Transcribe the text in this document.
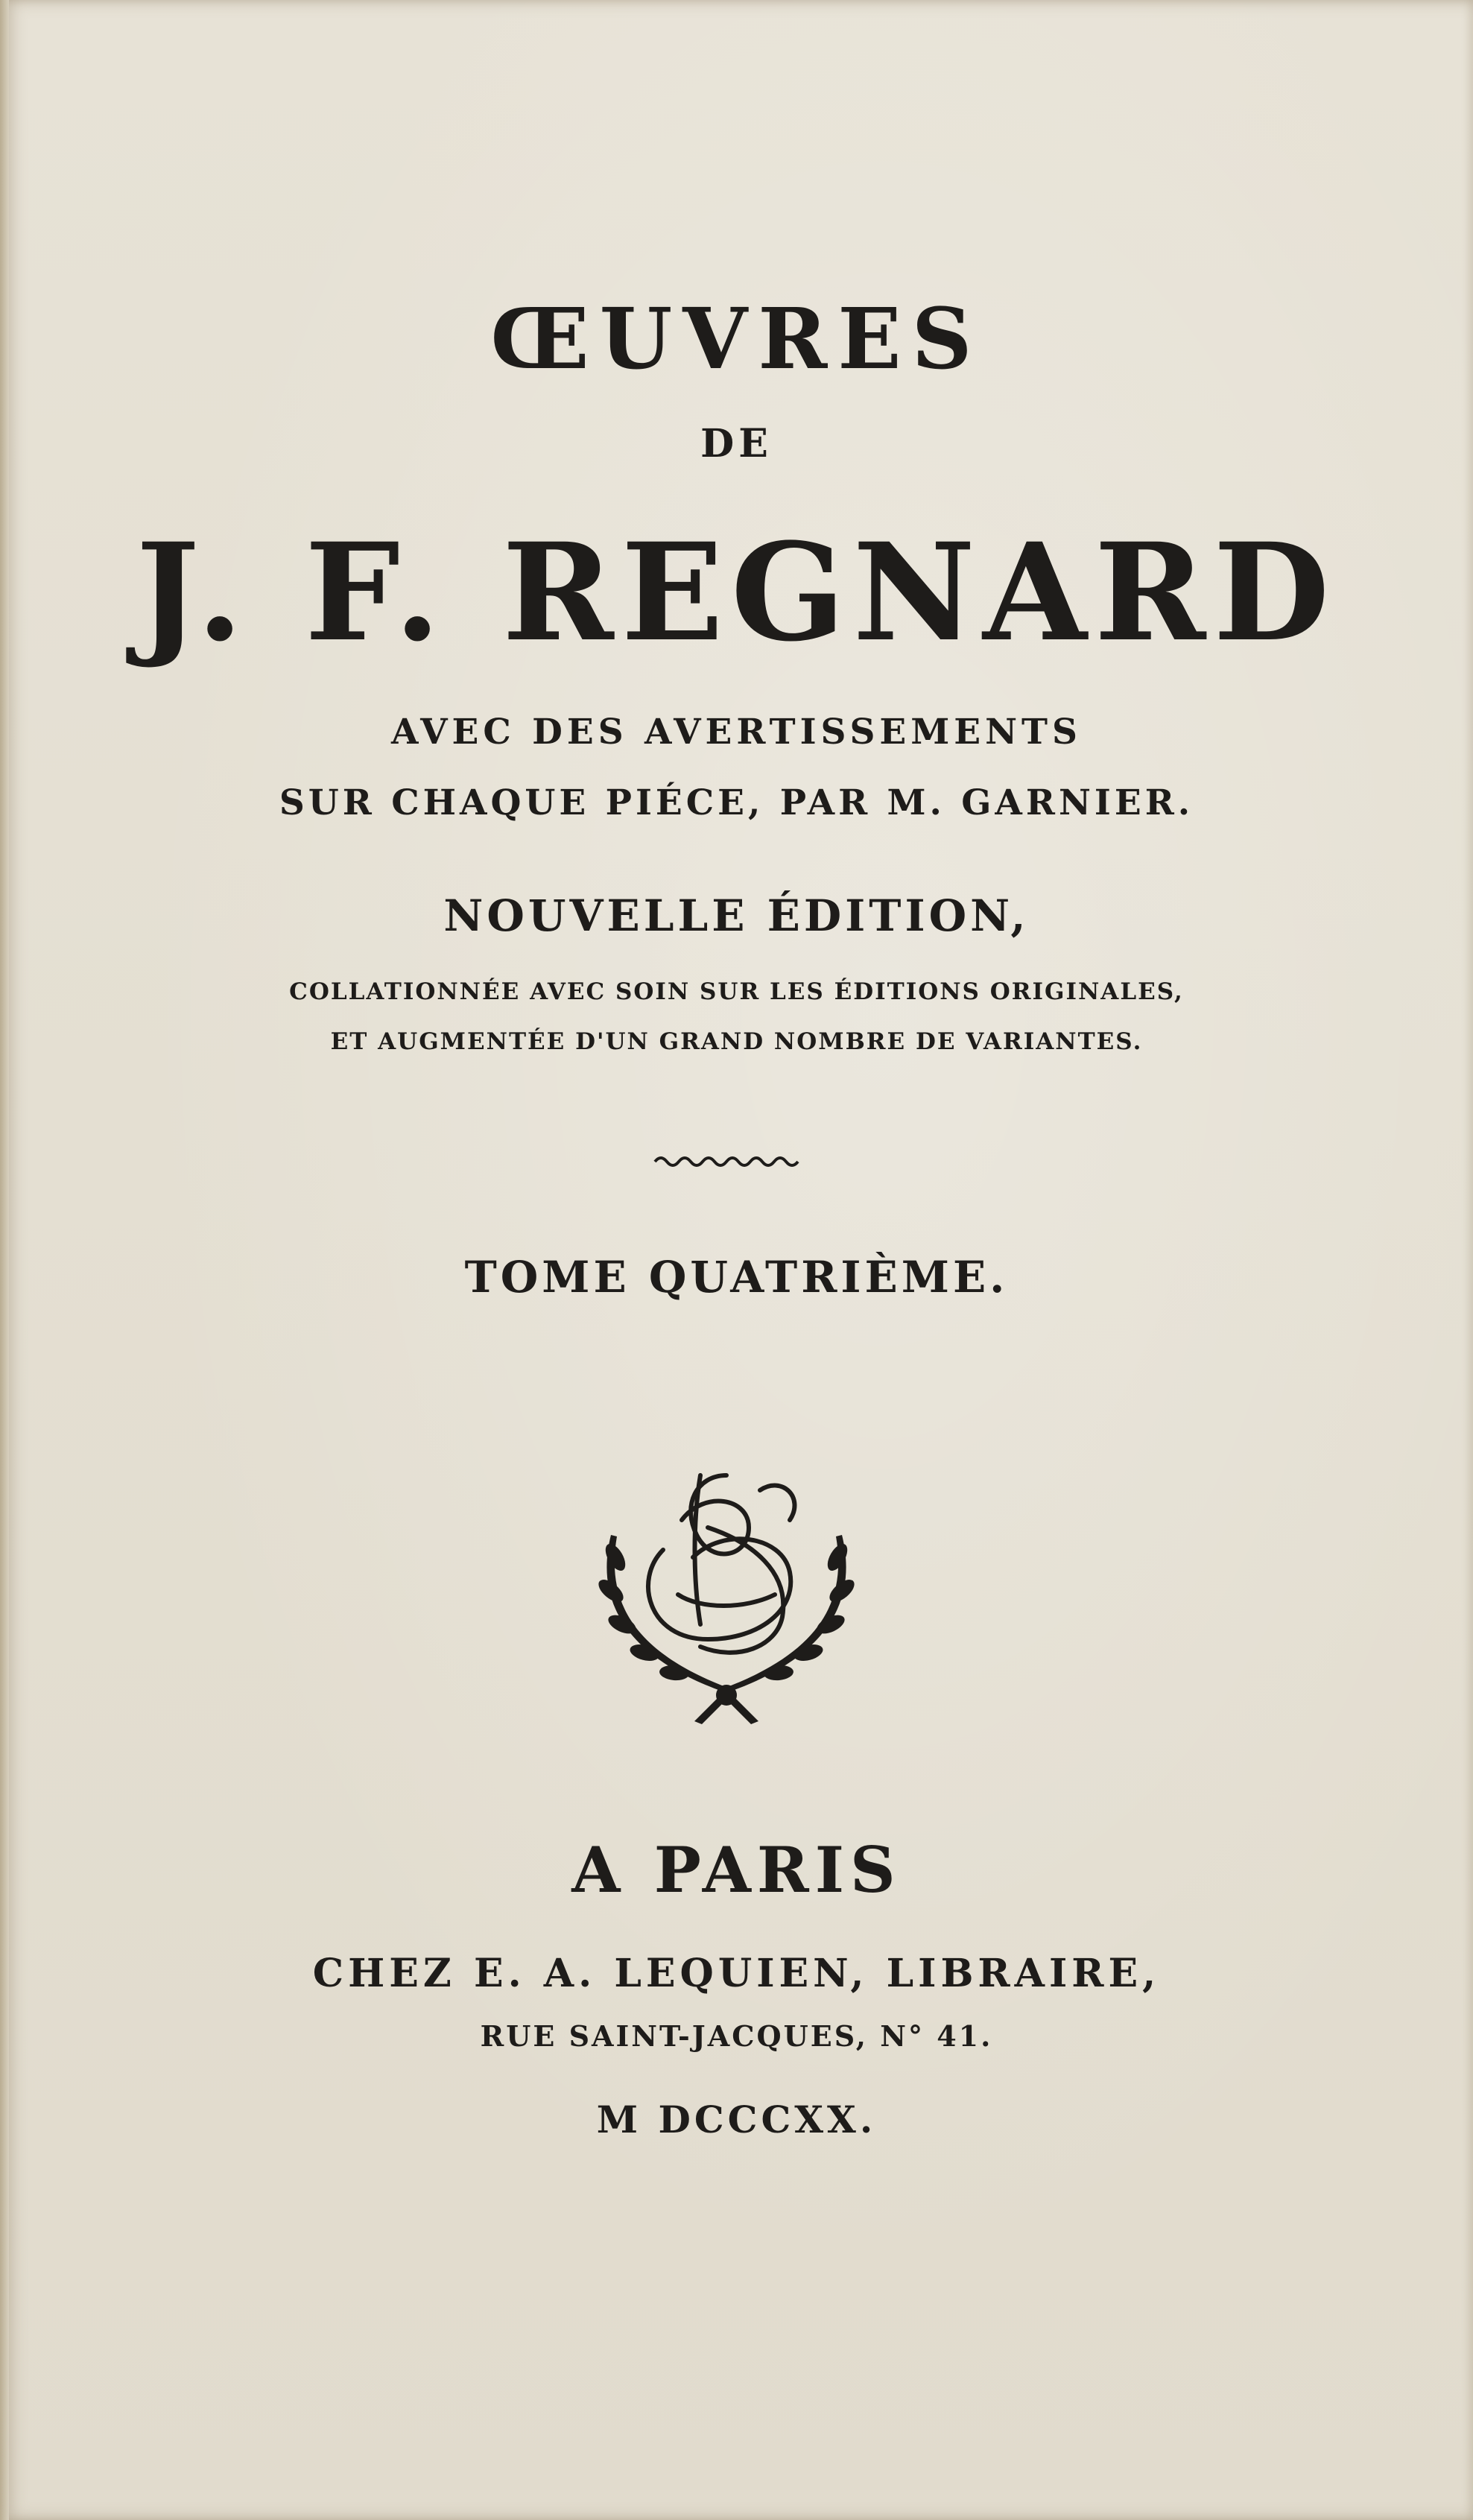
ŒUVRES
DE
J. F. REGNARD
AVEC DES AVERTISSEMENTS
SUR CHAQUE PIÉCE, PAR M. GARNIER.
NOUVELLE ÉDITION,
COLLATIONNÉE AVEC SOIN SUR LES ÉDITIONS ORIGINALES,
ET AUGMENTÉE D'UN GRAND NOMBRE DE VARIANTES.
TOME QUATRIÈME.
A PARIS
CHEZ E. A. LEQUIEN, LIBRAIRE,
RUE SAINT-JACQUES, N° 41.
M DCCCXX.
